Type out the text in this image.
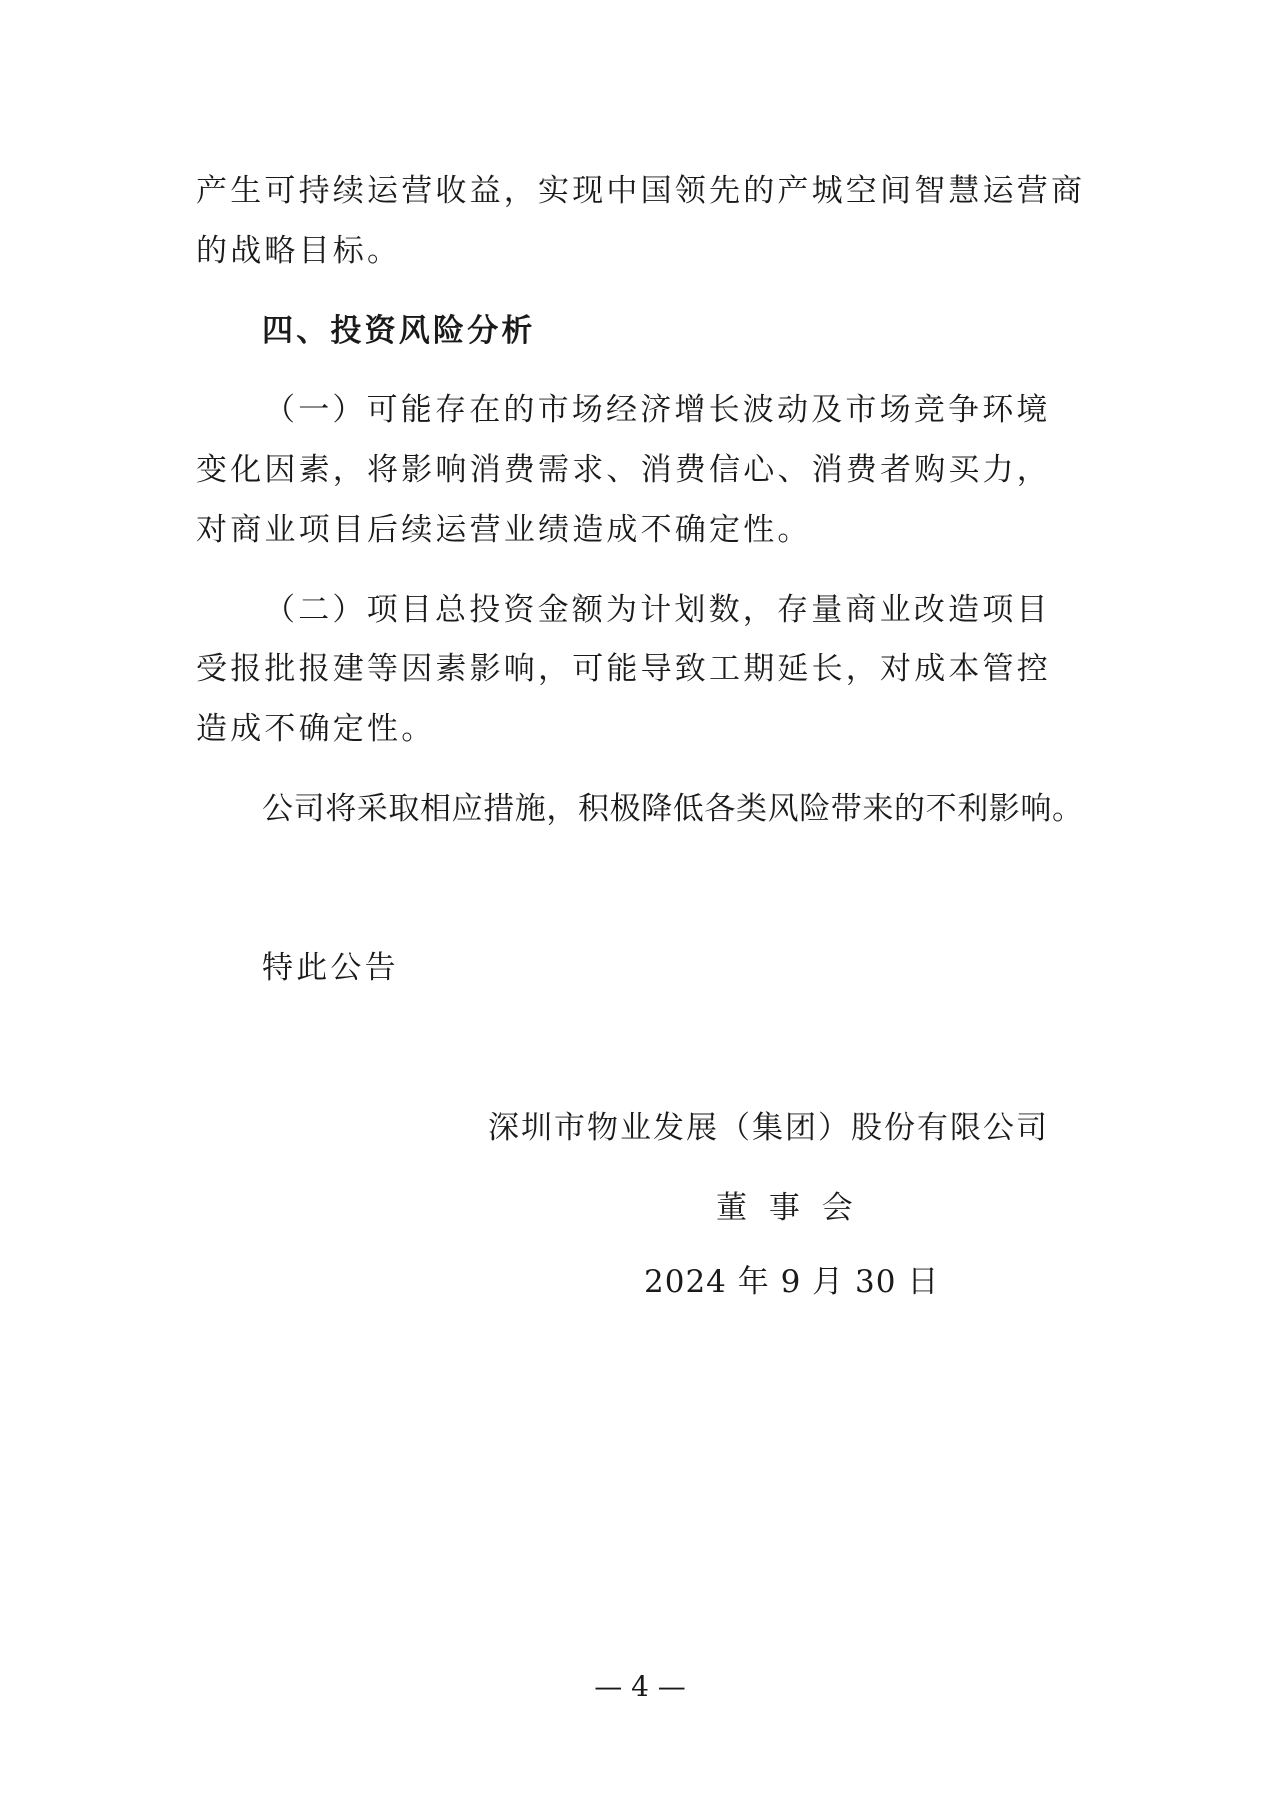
产生可持续运营收益，实现中国领先的产城空间智慧运营商
的战略目标。
四、投资风险分析
（一）可能存在的市场经济增长波动及市场竞争环境
变化因素，将影响消费需求、消费信心、消费者购买力，
对商业项目后续运营业绩造成不确定性。
（二）项目总投资金额为计划数，存量商业改造项目
受报批报建等因素影响，可能导致工期延长，对成本管控
造成不确定性。
公司将采取相应措施，积极降低各类风险带来的不利影响。
特此公告
深圳市物业发展（集团）股份有限公司
董 事 会
2024 年 9 月 30 日
— 4 —
